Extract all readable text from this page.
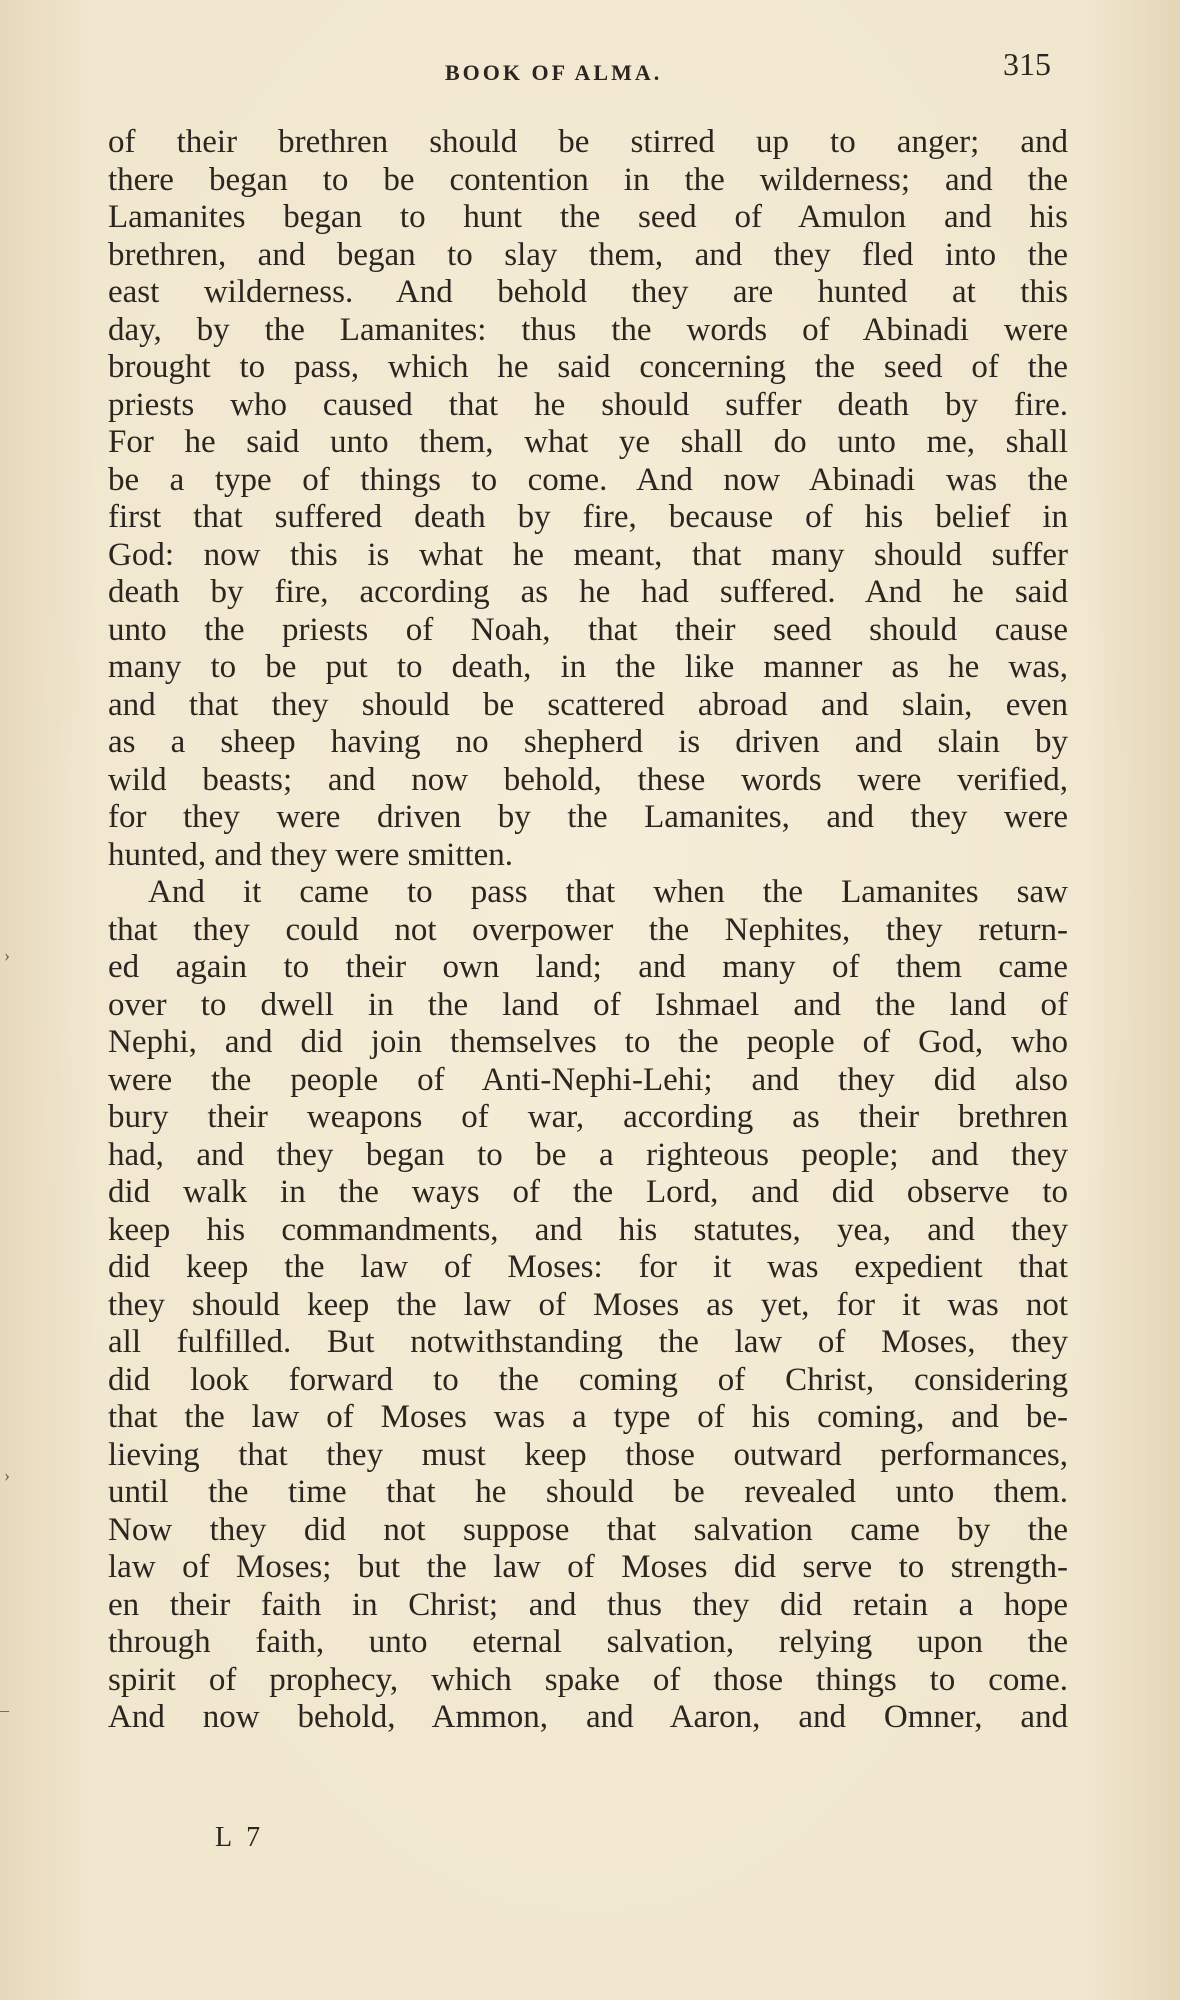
BOOK OF ALMA.	315
of their brethren should be stirred up to anger; and
there began to be contention in the wilderness; and the
Lamanites began to hunt the seed of Amulon and his
brethren, and began to slay them, and they fled into the
east wilderness. And behold they are hunted at this
day, by the Lamanites: thus the words of Abinadi were
brought to pass, which he said concerning the seed of the
priests who caused that he should suffer death by fire.
For he said unto them, what ye shall do unto me, shall
be a type of things to come. And now Abinadi was the
first that suffered death by fire, because of his belief in
God: now this is what he meant, that many should suffer
death by fire, according as he had suffered. And he said
unto the priests of Noah, that their seed should cause
many to be put to death, in the like manner as he was,
and that they should be scattered abroad and slain, even
as a sheep having no shepherd is driven and slain by
wild beasts; and now behold, these words were verified,
for they were driven by the Lamanites, and they were
hunted, and they were smitten.
And it came to pass that when the Lamanites saw
that they could not overpower the Nephites, they return-
ed again to their own land; and many of them came
over to dwell in the land of Ishmael and the land of
Nephi, and did join themselves to the people of God, who
were the people of Anti-Nephi-Lehi; and they did also
bury their weapons of war, according as their brethren
had, and they began to be a righteous people; and they
did walk in the ways of the Lord, and did observe to
keep his commandments, and his statutes, yea, and they
did keep the law of Moses: for it was expedient that
they should keep the law of Moses as yet, for it was not
all fulfilled. But notwithstanding the law of Moses, they
did look forward to the coming of Christ, considering
that the law of Moses was a type of his coming, and be-
lieving that they must keep those outward performances,
until the time that he should be revealed unto them.
Now they did not suppose that salvation came by the
law of Moses; but the law of Moses did serve to strength-
en their faith in Christ; and thus they did retain a hope
through faith, unto eternal salvation, relying upon the
spirit of prophecy, which spake of those things to come.
And now behold, Ammon, and Aaron, and Omner, and
L 7
›
›
–
